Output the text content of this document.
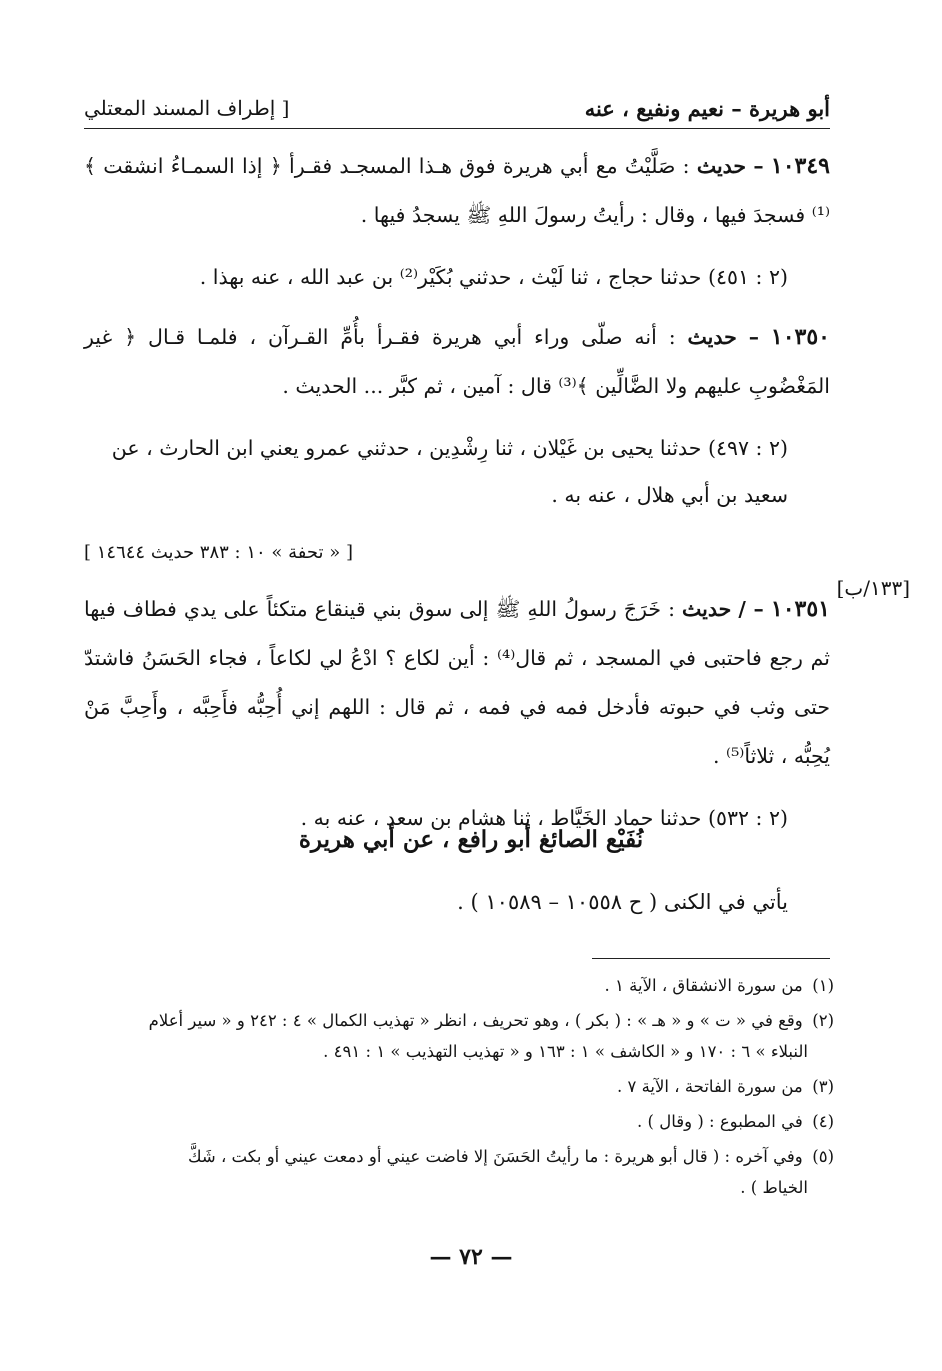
أبو هريرة – نعيم ونفيع ، عنه
[ إطراف المسند المعتلي
[١٣٣/ب]

١٠٣٤٩ – حديث : صَلَّيْتُ مع أبي هريرة فوق هـذا المسجـد فقـرأ ﴿ إذا السمـاءُ انشقت ﴾⁽¹⁾ فسجدَ فيها ، وقال : رأيتُ رسولَ اللهِ ﷺ يسجدُ فيها .

(٢ : ٤٥١) حدثنا حجاج ، ثنا لَيْث ، حدثني بُكَيْر⁽²⁾ بن عبد الله ، عنه بهذا .

١٠٣٥٠ – حديث : أنه صلّى وراء أبي هريرة فقـرأ بأُمِّ القـرآن ، فلمـا قـال ﴿ غير المَغْضُوبِ عليهم ولا الضَّالِّين ﴾⁽³⁾ قال : آمين ، ثم كبَّر ... الحديث .

(٢ : ٤٩٧) حدثنا يحيى بن غَيْلان ، ثنا رِشْدِين ، حدثني عمرو يعني ابن الحارث ، عن سعيد بن أبي هلال ، عنه به .

[ « تحفة » ١٠ : ٣٨٣ حديث ١٤٦٤٤ ]

١٠٣٥١ – / حديث : خَرَجَ رسولُ اللهِ ﷺ إلى سوق بني قينقاع متكئاً على يدي فطاف فيها ثم رجع فاحتبى في المسجد ، ثم قال⁽⁴⁾ : أين لكاع ؟ ادْعُ لي لكاعاً ، فجاء الحَسَنُ فاشتدّ حتى وثب في حبوته فأدخل فمه في فمه ، ثم قال : اللهم إني أُحِبُّه فأَحِبَّه ، وأَحِبَّ مَنْ يُحِبُّه ، ثلاثاً⁽⁵⁾ .

(٢ : ٥٣٢) حدثنا حماد الخَيَّاط ، ثنا هشام بن سعد ، عنه به .

نُفَيْع الصائغ أبو رافع ، عن أبي هريرة
يأتي في الكنى ( ح ١٠٥٥٨ – ١٠٥٨٩ ) .

(١) من سورة الانشقاق ، الآية ١ .

(٢) وقع في « ت » و « هـ » : ( بكر ) ، وهو تحريف ، انظر « تهذيب الكمال » ٤ : ٢٤٢ و « سير أعلام
النبلاء » ٦ : ١٧٠ و « الكاشف » ١ : ١٦٣ و « تهذيب التهذيب » ١ : ٤٩١ .

(٣) من سورة الفاتحة ، الآية ٧ .

(٤) في المطبوع : ( وقال ) .

(٥) وفي آخره : ( قال أبو هريرة : ما رأيتُ الحَسَنَ إلا فاضت عيني أو دمعت عيني أو بكت ، شَكَّ
الخياط ) .

— ٧٢ —
